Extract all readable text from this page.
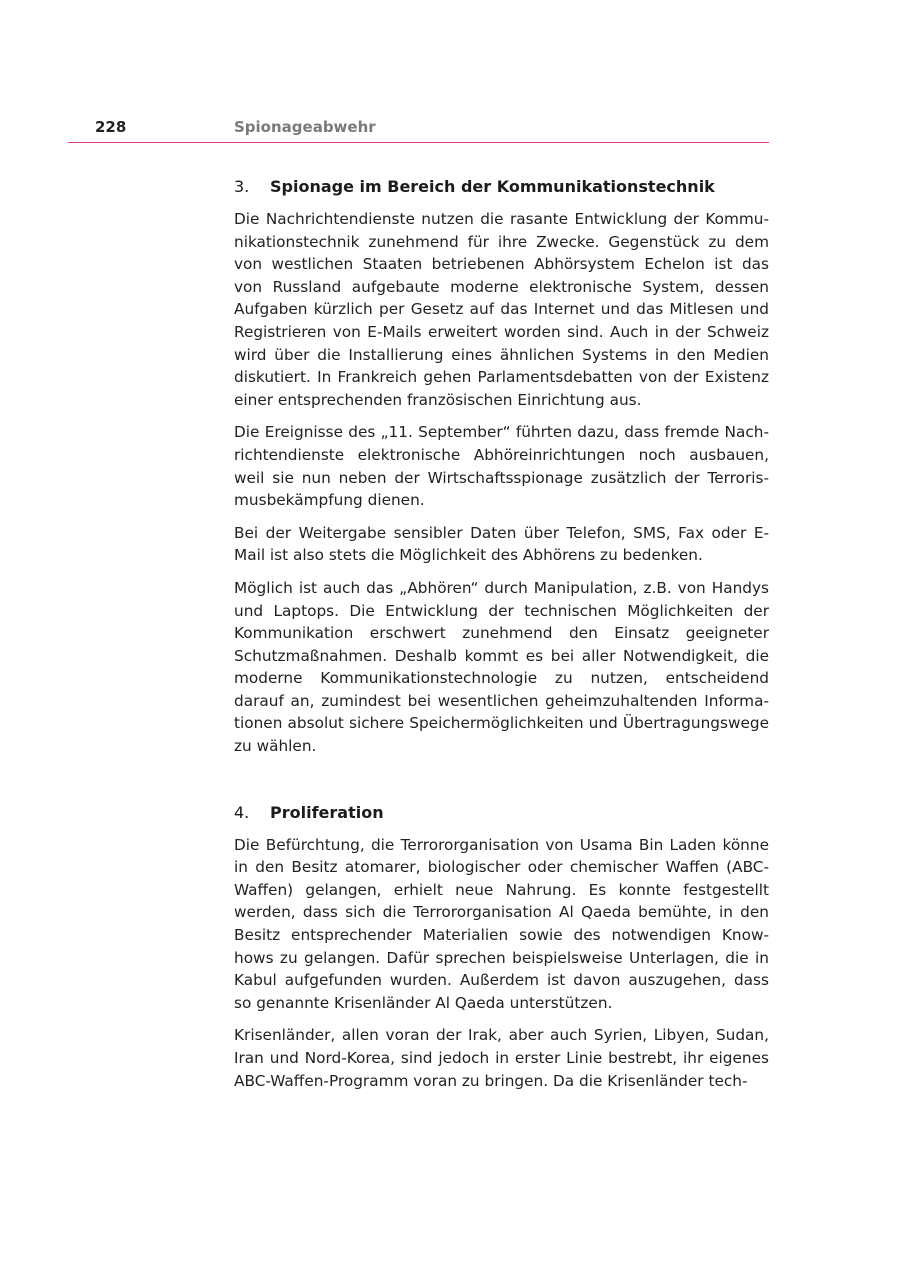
228	Spionageabwehr
3. Spionage im Bereich der Kommunikationstechnik

Die Nachrichtendienste nutzen die rasante Entwicklung der Kommunikationstechnik zunehmend für ihre Zwecke. Gegenstück zu dem von westlichen Staaten betriebenen Abhörsystem Echelon ist das von Russland aufgebaute moderne elektronische System, dessen Aufgaben kürzlich per Gesetz auf das Internet und das Mitlesen und Registrieren von E-Mails erweitert worden sind. Auch in der Schweiz wird über die Installierung eines ähnlichen Systems in den Medien diskutiert. In Frankreich gehen Parlamentsdebatten von der Existenz einer entsprechenden französischen Einrichtung aus.

Die Ereignisse des „11. September“ führten dazu, dass fremde Nachrichtendienste elektronische Abhöreinrichtungen noch ausbauen, weil sie nun neben der Wirtschaftsspionage zusätzlich der Terrorismusbekämpfung dienen.

Bei der Weitergabe sensibler Daten über Telefon, SMS, Fax oder E-Mail ist also stets die Möglichkeit des Abhörens zu bedenken.

Möglich ist auch das „Abhören“ durch Manipulation, z.B. von Handys und Laptops. Die Entwicklung der technischen Möglichkeiten der Kommunikation erschwert zunehmend den Einsatz geeigneter Schutzmaßnahmen. Deshalb kommt es bei aller Notwendigkeit, die moderne Kommunikationstechnologie zu nutzen, entscheidend darauf an, zumindest bei wesentlichen geheimzuhaltenden Informationen absolut sichere Speichermöglichkeiten und Übertragungswege zu wählen.

4. Proliferation

Die Befürchtung, die Terrororganisation von Usama Bin Laden könne in den Besitz atomarer, biologischer oder chemischer Waffen (ABC-Waffen) gelangen, erhielt neue Nahrung. Es konnte festgestellt werden, dass sich die Terrororganisation Al Qaeda bemühte, in den Besitz entsprechender Materialien sowie des notwendigen Know-hows zu gelangen. Dafür sprechen beispielsweise Unterlagen, die in Kabul aufgefunden wurden. Außerdem ist davon auszugehen, dass so genannte Krisenländer Al Qaeda unterstützen.

Krisenländer, allen voran der Irak, aber auch Syrien, Libyen, Sudan, Iran und Nord-Korea, sind jedoch in erster Linie bestrebt, ihr eigenes ABC-Waffen-Programm voran zu bringen. Da die Krisenländer tech-
